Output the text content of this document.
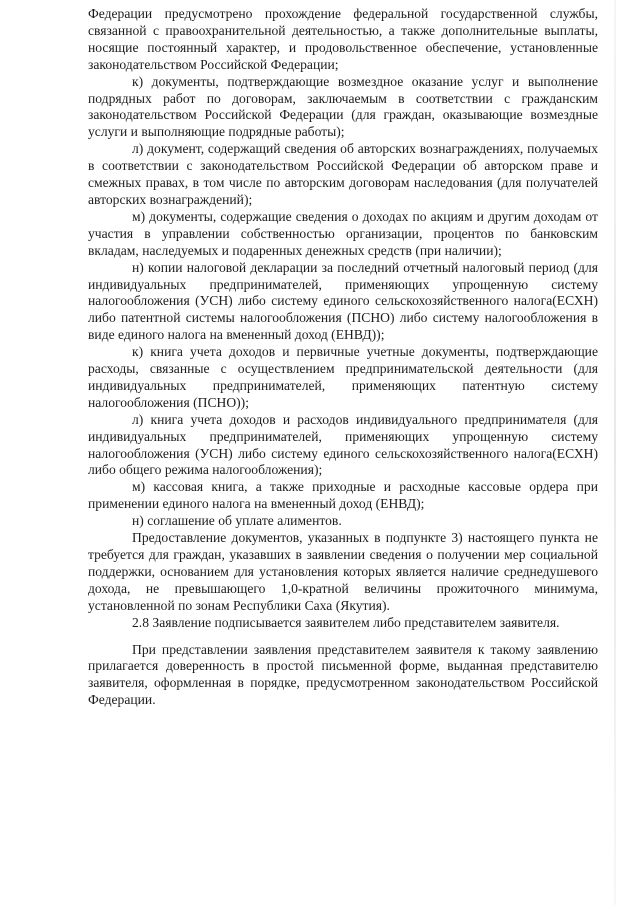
Федерации предусмотрено прохождение федеральной государственной службы, связанной с правоохранительной деятельностью, а также дополнительные выплаты, носящие постоянный характер, и продовольственное обеспечение, установленные законодательством Российской Федерации;

к) документы, подтверждающие возмездное оказание услуг и выполнение подрядных работ по договорам, заключаемым в соответствии с гражданским законодательством Российской Федерации (для граждан, оказывающие возмездные услуги и выполняющие подрядные работы);

л) документ, содержащий сведения об авторских вознаграждениях, получаемых в соответствии с законодательством Российской Федерации об авторском праве и смежных правах, в том числе по авторским договорам наследования (для получателей авторских вознаграждений);

м) документы, содержащие сведения о доходах по акциям и другим доходам от участия в управлении собственностью организации, процентов по банковским вкладам, наследуемых и подаренных денежных средств (при наличии);

н) копии налоговой декларации за последний отчетный налоговый период (для индивидуальных предпринимателей, применяющих упрощенную систему налогообложения (УСН) либо систему единого сельскохозяйственного налога(ЕСХН) либо патентной системы налогообложения (ПСНО) либо систему налогообложения в виде единого налога на вмененный доход (ЕНВД));

к) книга учета доходов и первичные учетные документы, подтверждающие расходы, связанные с осуществлением предпринимательской деятельности (для индивидуальных предпринимателей, применяющих патентную систему налогообложения (ПСНО));

л) книга учета доходов и расходов индивидуального предпринимателя (для индивидуальных предпринимателей, применяющих упрощенную систему налогообложения (УСН) либо систему единого сельскохозяйственного налога(ЕСХН) либо общего режима налогообложения);

м) кассовая книга, а также приходные и расходные кассовые ордера при применении единого налога на вмененный доход (ЕНВД);

н) соглашение об уплате алиментов.

Предоставление документов, указанных в подпункте 3) настоящего пункта не требуется для граждан, указавших в заявлении сведения о получении мер социальной поддержки, основанием для установления которых является наличие среднедушевого дохода, не превышающего 1,0-кратной величины прожиточного минимума, установленной по зонам Республики Саха (Якутия).

2.8 Заявление подписывается заявителем либо представителем заявителя.

При представлении заявления представителем заявителя к такому заявлению прилагается доверенность в простой письменной форме, выданная представителю заявителя, оформленная в порядке, предусмотренном законодательством Российской Федерации.
